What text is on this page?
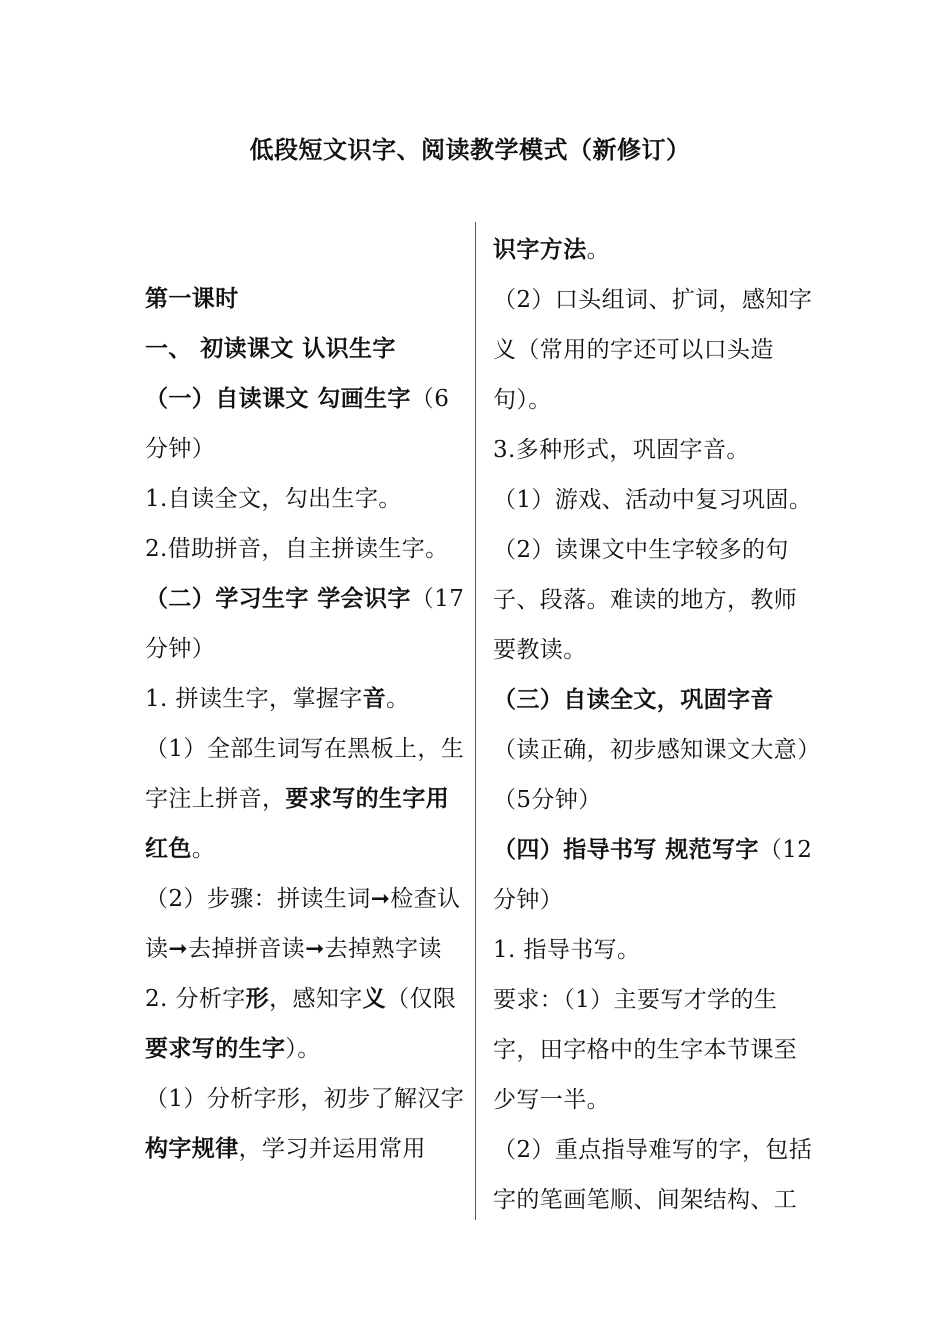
低段短文识字、阅读教学模式（新修订）

第一课时

一、 初读课文 认识生字

（一）自读课文 勾画生字（6分钟）

1.自读全文，勾出生字。

2.借助拼音，自主拼读生字。

（二）学习生字 学会识字（17分钟）

1. 拼读生字，掌握字音。

（1）全部生词写在黑板上，生字注上拼音，要求写的生字用红色。

（2）步骤：拼读生词➞检查认读➞去掉拼音读➞去掉熟字读

2. 分析字形，感知字义（仅限要求写的生字）。

（1）分析字形，初步了解汉字构字规律，学习并运用常用

识字方法。

（2）口头组词、扩词，感知字义（常用的字还可以口头造句）。

3.多种形式，巩固字音。

（1）游戏、活动中复习巩固。

（2）读课文中生字较多的句子、段落。难读的地方，教师要教读。

（三）自读全文，巩固字音（读正确，初步感知课文大意）（5分钟）

（四）指导书写 规范写字（12分钟）

1. 指导书写。

要求：（1）主要写才学的生字，田字格中的生字本节课至少写一半。

（2）重点指导难写的字，包括字的笔画笔顺、间架结构、工
